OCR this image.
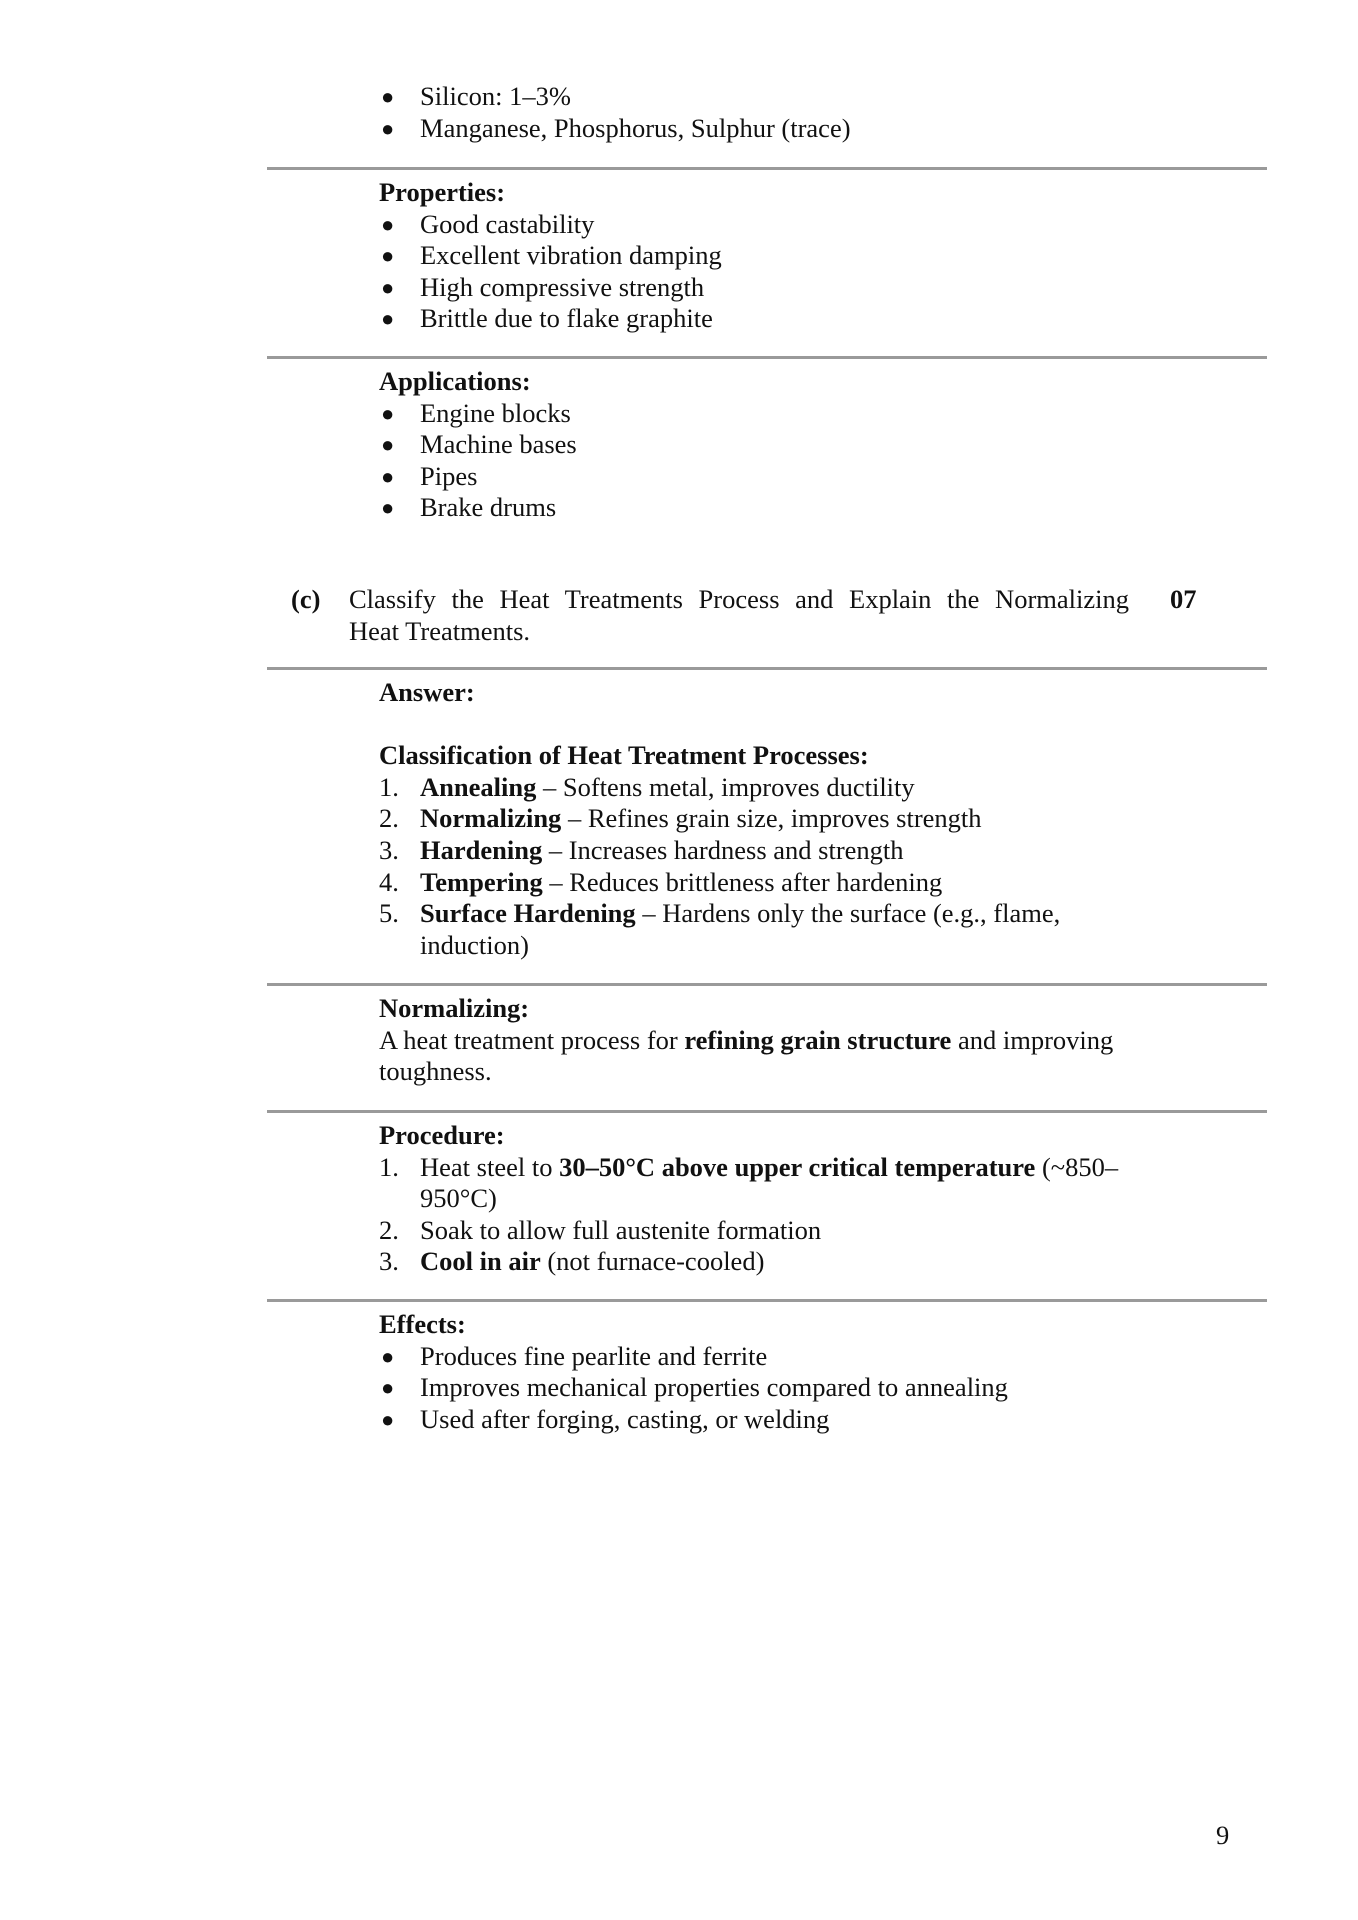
● Silicon: 1–3%
● Manganese, Phosphorus, Sulphur (trace)
Properties:
● Good castability
● Excellent vibration damping
● High compressive strength
● Brittle due to flake graphite
Applications:
● Engine blocks
● Machine bases
● Pipes
● Brake drums
(c) Classify the Heat Treatments Process and Explain the Normalizing
Heat Treatments.
07
Answer:
Classification of Heat Treatment Processes:
1. Annealing – Softens metal, improves ductility
2. Normalizing – Refines grain size, improves strength
3. Hardening – Increases hardness and strength
4. Tempering – Reduces brittleness after hardening
5. Surface Hardening – Hardens only the surface (e.g., flame,
induction)
Normalizing:
A heat treatment process for refining grain structure and improving
toughness.
Procedure:
1. Heat steel to 30–50°C above upper critical temperature (~850–
950°C)
2. Soak to allow full austenite formation
3. Cool in air (not furnace-cooled)
Effects:
● Produces fine pearlite and ferrite
● Improves mechanical properties compared to annealing
● Used after forging, casting, or welding
9
